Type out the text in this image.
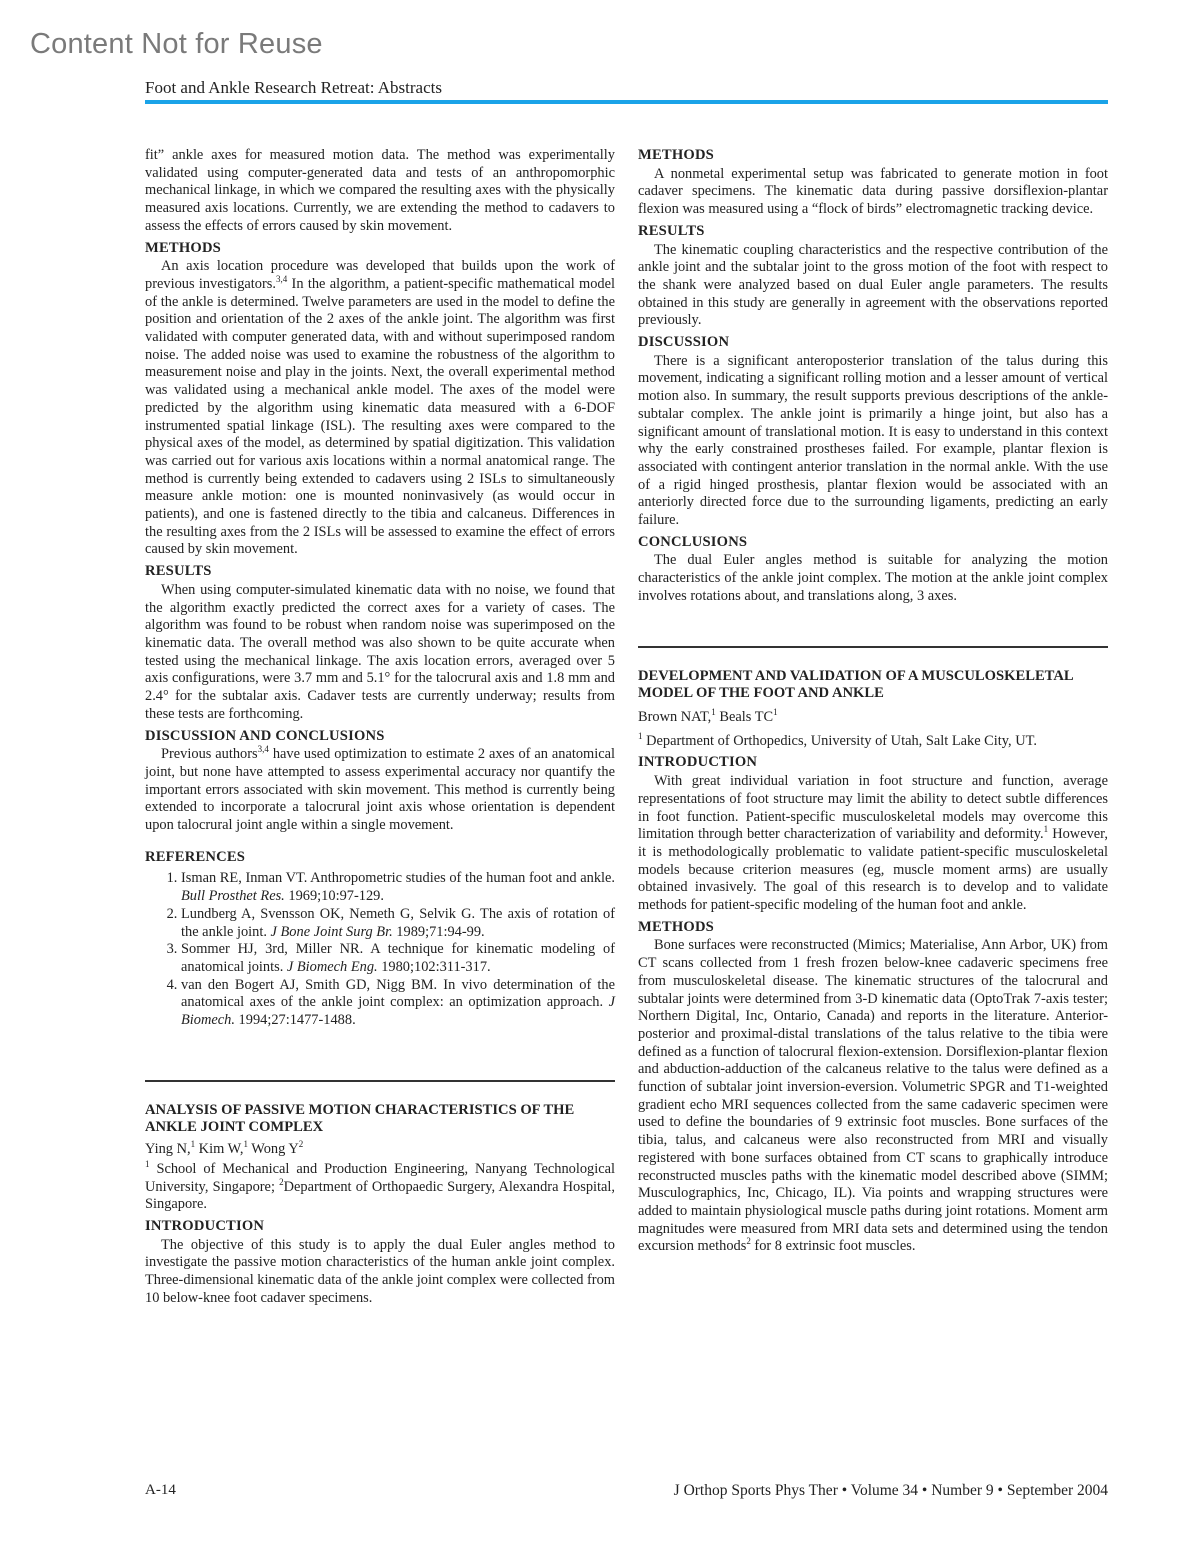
Content Not for Reuse
Foot and Ankle Research Retreat: Abstracts

fit” ankle axes for measured motion data. The method was experimentally validated using computer-generated data and tests of an anthropomorphic mechanical linkage, in which we compared the resulting axes with the physically measured axis locations. Currently, we are extending the method to cadavers to assess the effects of errors caused by skin movement.

METHODS

An axis location procedure was developed that builds upon the work of previous investigators.$^{3,4}$ In the algorithm, a patient-specific mathematical model of the ankle is determined. Twelve parameters are used in the model to define the position and orientation of the 2 axes of the ankle joint. The algorithm was first validated with computer generated data, with and without superimposed random noise. The added noise was used to examine the robustness of the algorithm to measurement noise and play in the joints. Next, the overall experimental method was validated using a mechanical ankle model. The axes of the model were predicted by the algorithm using kinematic data measured with a 6-DOF instrumented spatial linkage (ISL). The resulting axes were compared to the physical axes of the model, as determined by spatial digitization. This validation was carried out for various axis locations within a normal anatomical range. The method is currently being extended to cadavers using 2 ISLs to simultaneously measure ankle motion: one is mounted noninvasively (as would occur in patients), and one is fastened directly to the tibia and calcaneus. Differences in the resulting axes from the 2 ISLs will be assessed to examine the effect of errors caused by skin movement.

RESULTS

When using computer-simulated kinematic data with no noise, we found that the algorithm exactly predicted the correct axes for a variety of cases. The algorithm was found to be robust when random noise was superimposed on the kinematic data. The overall method was also shown to be quite accurate when tested using the mechanical linkage. The axis location errors, averaged over 5 axis configurations, were 3.7 mm and 5.1° for the talocrural axis and 1.8 mm and 2.4° for the subtalar axis. Cadaver tests are currently underway; results from these tests are forthcoming.

DISCUSSION AND CONCLUSIONS

Previous authors$^{3,4}$ have used optimization to estimate 2 axes of an anatomical joint, but none have attempted to assess experimental accuracy nor quantify the important errors associated with skin movement. This method is currently being extended to incorporate a talocrural joint axis whose orientation is dependent upon talocrural joint angle within a single movement.

REFERENCES
1. Isman RE, Inman VT. Anthropometric studies of the human foot and ankle. Bull Prosthet Res. 1969;10:97-129.
2. Lundberg A, Svensson OK, Nemeth G, Selvik G. The axis of rotation of the ankle joint. J Bone Joint Surg Br. 1989;71:94-99.
3. Sommer HJ, 3rd, Miller NR. A technique for kinematic modeling of anatomical joints. J Biomech Eng. 1980;102:311-317.
4. van den Bogert AJ, Smith GD, Nigg BM. In vivo determination of the anatomical axes of the ankle joint complex: an optimization approach. J Biomech. 1994;27:1477-1488.
ANALYSIS OF PASSIVE MOTION CHARACTERISTICS OF THE ANKLE JOINT COMPLEX
Ying N,$^1$ Kim W,$^1$ Wong $Y^2$

$^1$ School of Mechanical and Production Engineering, Nanyang Technological University, Singapore; $^2$Department of Orthopaedic Surgery, Alexandra Hospital, Singapore.

INTRODUCTION

The objective of this study is to apply the dual Euler angles method to investigate the passive motion characteristics of the human ankle joint complex. Three-dimensional kinematic data of the ankle joint complex were collected from 10 below-knee foot cadaver specimens.

METHODS

A nonmetal experimental setup was fabricated to generate motion in foot cadaver specimens. The kinematic data during passive dorsiflexion-plantar flexion was measured using a “flock of birds” electromagnetic tracking device.

RESULTS

The kinematic coupling characteristics and the respective contribution of the ankle joint and the subtalar joint to the gross motion of the foot with respect to the shank were analyzed based on dual Euler angle parameters. The results obtained in this study are generally in agreement with the observations reported previously.

DISCUSSION

There is a significant anteroposterior translation of the talus during this movement, indicating a significant rolling motion and a lesser amount of vertical motion also. In summary, the result supports previous descriptions of the ankle-subtalar complex. The ankle joint is primarily a hinge joint, but also has a significant amount of translational motion. It is easy to understand in this context why the early constrained prostheses failed. For example, plantar flexion is associated with contingent anterior translation in the normal ankle. With the use of a rigid hinged prosthesis, plantar flexion would be associated with an anteriorly directed force due to the surrounding ligaments, predicting an early failure.

CONCLUSIONS

The dual Euler angles method is suitable for analyzing the motion characteristics of the ankle joint complex. The motion at the ankle joint complex involves rotations about, and translations along, 3 axes.

DEVELOPMENT AND VALIDATION OF A MUSCULOSKELETAL MODEL OF THE FOOT AND ANKLE
Brown NAT,$^1$ Beals $TC^1$

$^1$ Department of Orthopedics, University of Utah, Salt Lake City, UT.

INTRODUCTION

With great individual variation in foot structure and function, average representations of foot structure may limit the ability to detect subtle differences in foot function. Patient-specific musculoskeletal models may overcome this limitation through better characterization of variability and deformity.$^1$ However, it is methodologically problematic to validate patient-specific musculoskeletal models because criterion measures (eg, muscle moment arms) are usually obtained invasively. The goal of this research is to develop and to validate methods for patient-specific modeling of the human foot and ankle.

METHODS

Bone surfaces were reconstructed (Mimics; Materialise, Ann Arbor, UK) from CT scans collected from 1 fresh frozen below-knee cadaveric specimens free from musculoskeletal disease. The kinematic structures of the talocrural and subtalar joints were determined from 3-D kinematic data (OptoTrak 7-axis tester; Northern Digital, Inc, Ontario, Canada) and reports in the literature. Anterior-posterior and proximal-distal translations of the talus relative to the tibia were defined as a function of talocrural flexion-extension. Dorsiflexion-plantar flexion and abduction-adduction of the calcaneus relative to the talus were defined as a function of subtalar joint inversion-eversion. Volumetric SPGR and T1-weighted gradient echo MRI sequences collected from the same cadaveric specimen were used to define the boundaries of 9 extrinsic foot muscles. Bone surfaces of the tibia, talus, and calcaneus were also reconstructed from MRI and visually registered with bone surfaces obtained from CT scans to graphically introduce reconstructed muscles paths with the kinematic model described above (SIMM; Musculographics, Inc, Chicago, IL). Via points and wrapping structures were added to maintain physiological muscle paths during joint rotations. Moment arm magnitudes were measured from MRI data sets and determined using the tendon excursion methods$^2$ for 8 extrinsic foot muscles.

A-14	J Orthop Sports Phys Ther • Volume 34 • Number 9 • September 2004
